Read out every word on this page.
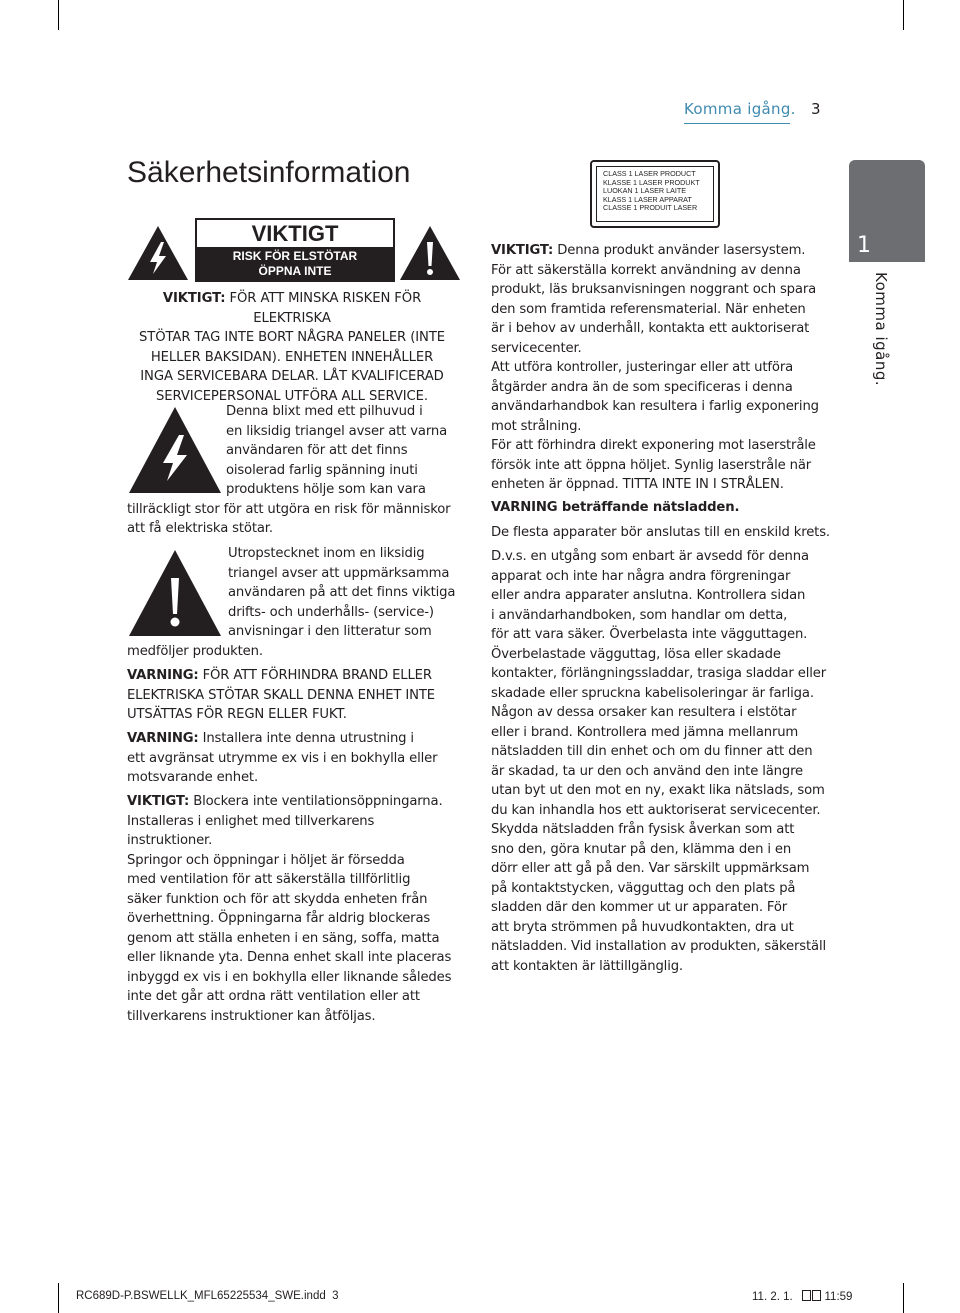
Komma igång. 3
Säkerhetsinformation
VIKTIGT
RISK FÖR ELSTÖTAR
ÖPPNA INTE
VIKTIGT: FÖR ATT MINSKA RISKEN FÖR ELEKTRISKA
STÖTAR TAG INTE BORT NÅGRA PANELER (INTE
HELLER BAKSIDAN). ENHETEN INNEHÅLLER
INGA SERVICEBARA DELAR. LÅT KVALIFICERAD
SERVICEPERSONAL UTFÖRA ALL SERVICE.
Denna blixt med ett pilhuvud i
en liksidig triangel avser att varna
användaren för att det finns
oisolerad farlig spänning inuti
produktens hölje som kan vara
tillräckligt stor för att utgöra en risk för människor
att få elektriska stötar.
Utropstecknet inom en liksidig
triangel avser att uppmärksamma
användaren på att det finns viktiga
drifts- och underhålls- (service-)
anvisningar i den litteratur som
medföljer produkten.
VARNING: FÖR ATT FÖRHINDRA BRAND ELLER
ELEKTRISKA STÖTAR SKALL DENNA ENHET INTE
UTSÄTTAS FÖR REGN ELLER FUKT.
VARNING: Installera inte denna utrustning i
ett avgränsat utrymme ex vis i en bokhylla eller
motsvarande enhet.
VIKTIGT: Blockera inte ventilationsöppningarna.
Installeras i enlighet med tillverkarens instruktioner.
Springor och öppningar i höljet är försedda
med ventilation för att säkerställa tillförlitlig
säker funktion och för att skydda enheten från
överhettning. Öppningarna får aldrig blockeras
genom att ställa enheten i en säng, soffa, matta
eller liknande yta. Denna enhet skall inte placeras
inbyggd ex vis i en bokhylla eller liknande således
inte det går att ordna rätt ventilation eller att
tillverkarens instruktioner kan åtföljas.
CLASS 1 LASER PRODUCT
KLASSE 1 LASER PRODUKT
LUOKAN 1 LASER LAITE
KLASS 1 LASER APPARAT
CLASSE 1 PRODUIT LASER
VIKTIGT: Denna produkt använder lasersystem.
För att säkerställa korrekt användning av denna
produkt, läs bruksanvisningen noggrant och spara
den som framtida referensmaterial. När enheten
är i behov av underhåll, kontakta ett auktoriserat
servicecenter.
Att utföra kontroller, justeringar eller att utföra
åtgärder andra än de som specificeras i denna
användarhandbok kan resultera i farlig exponering
mot strålning.
För att förhindra direkt exponering mot laserstråle
försök inte att öppna höljet. Synlig laserstråle när
enheten är öppnad. TITTA INTE IN I STRÅLEN.
VARNING beträffande nätsladden.
De flesta apparater bör anslutas till en enskild krets.
D.v.s. en utgång som enbart är avsedd för denna
apparat och inte har några andra förgreningar
eller andra apparater anslutna. Kontrollera sidan
i användarhandboken, som handlar om detta,
för att vara säker. Överbelasta inte vägguttagen.
Överbelastade vägguttag, lösa eller skadade
kontakter, förlängningssladdar, trasiga sladdar eller
skadade eller spruckna kabelisoleringar är farliga.
Någon av dessa orsaker kan resultera i elstötar
eller i brand. Kontrollera med jämna mellanrum
nätsladden till din enhet och om du finner att den
är skadad, ta ur den och använd den inte längre
utan byt ut den mot en ny, exakt lika nätslads, som
du kan inhandla hos ett auktoriserat servicecenter.
Skydda nätsladden från fysisk åverkan som att
sno den, göra knutar på den, klämma den i en
dörr eller att gå på den. Var särskilt uppmärksam
på kontaktstycken, vägguttag och den plats på
sladden där den kommer ut ur apparaten. För
att bryta strömmen på huvudkontakten, dra ut
nätsladden. Vid installation av produkten, säkerställ
att kontakten är lättillgänglig.
1
Komma igång.
RC689D-P.BSWELLK_MFL65225534_SWE.indd 3	11. 2. 1.	11:59
